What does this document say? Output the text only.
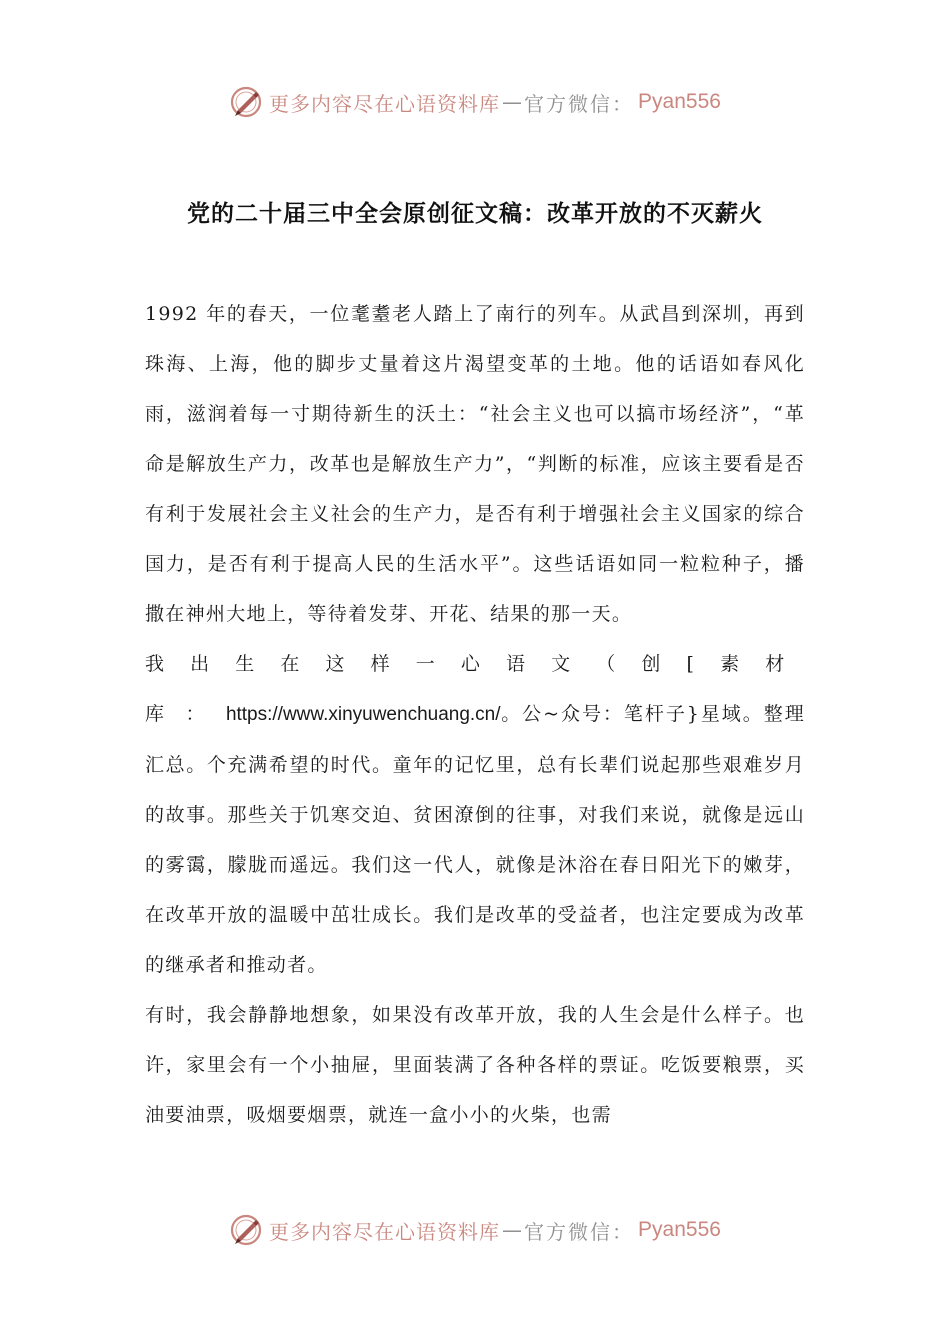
更多内容尽在心语资料库 — 官方微信： Pyan556
党的二十届三中全会原创征文稿：改革开放的不灭薪火

1992 年的春天，一位耄耋老人踏上了南行的列车。从武昌到深圳，再到珠海、上海，他的脚步丈量着这片渴望变革的土地。他的话语如春风化雨，滋润着每一寸期待新生的沃土：“社会主义也可以搞市场经济”，“革命是解放生产力，改革也是解放生产力”，“判断的标准，应该主要看是否有利于发展社会主义社会的生产力，是否有利于增强社会主义国家的综合国力，是否有利于提高人民的生活水平”。这些话语如同一粒粒种子，播撒在神州大地上，等待着发芽、开花、结果的那一天。

我出生在这样一心语文（创[素材库：https://www.xinyuwenchuang.cn/。公~众号：笔杆子}星域。整理汇总。个充满希望的时代。童年的记忆里，总有长辈们说起那些艰难岁月的故事。那些关于饥寒交迫、贫困潦倒的往事，对我们来说，就像是远山的雾霭，朦胧而遥远。我们这一代人，就像是沐浴在春日阳光下的嫩芽，在改革开放的温暖中茁壮成长。我们是改革的受益者，也注定要成为改革的继承者和推动者。

有时，我会静静地想象，如果没有改革开放，我的人生会是什么样子。也许，家里会有一个小抽屉，里面装满了各种各样的票证。吃饭要粮票，买油要油票，吸烟要烟票，就连一盒小小的火柴，也需

更多内容尽在心语资料库 — 官方微信： Pyan556
